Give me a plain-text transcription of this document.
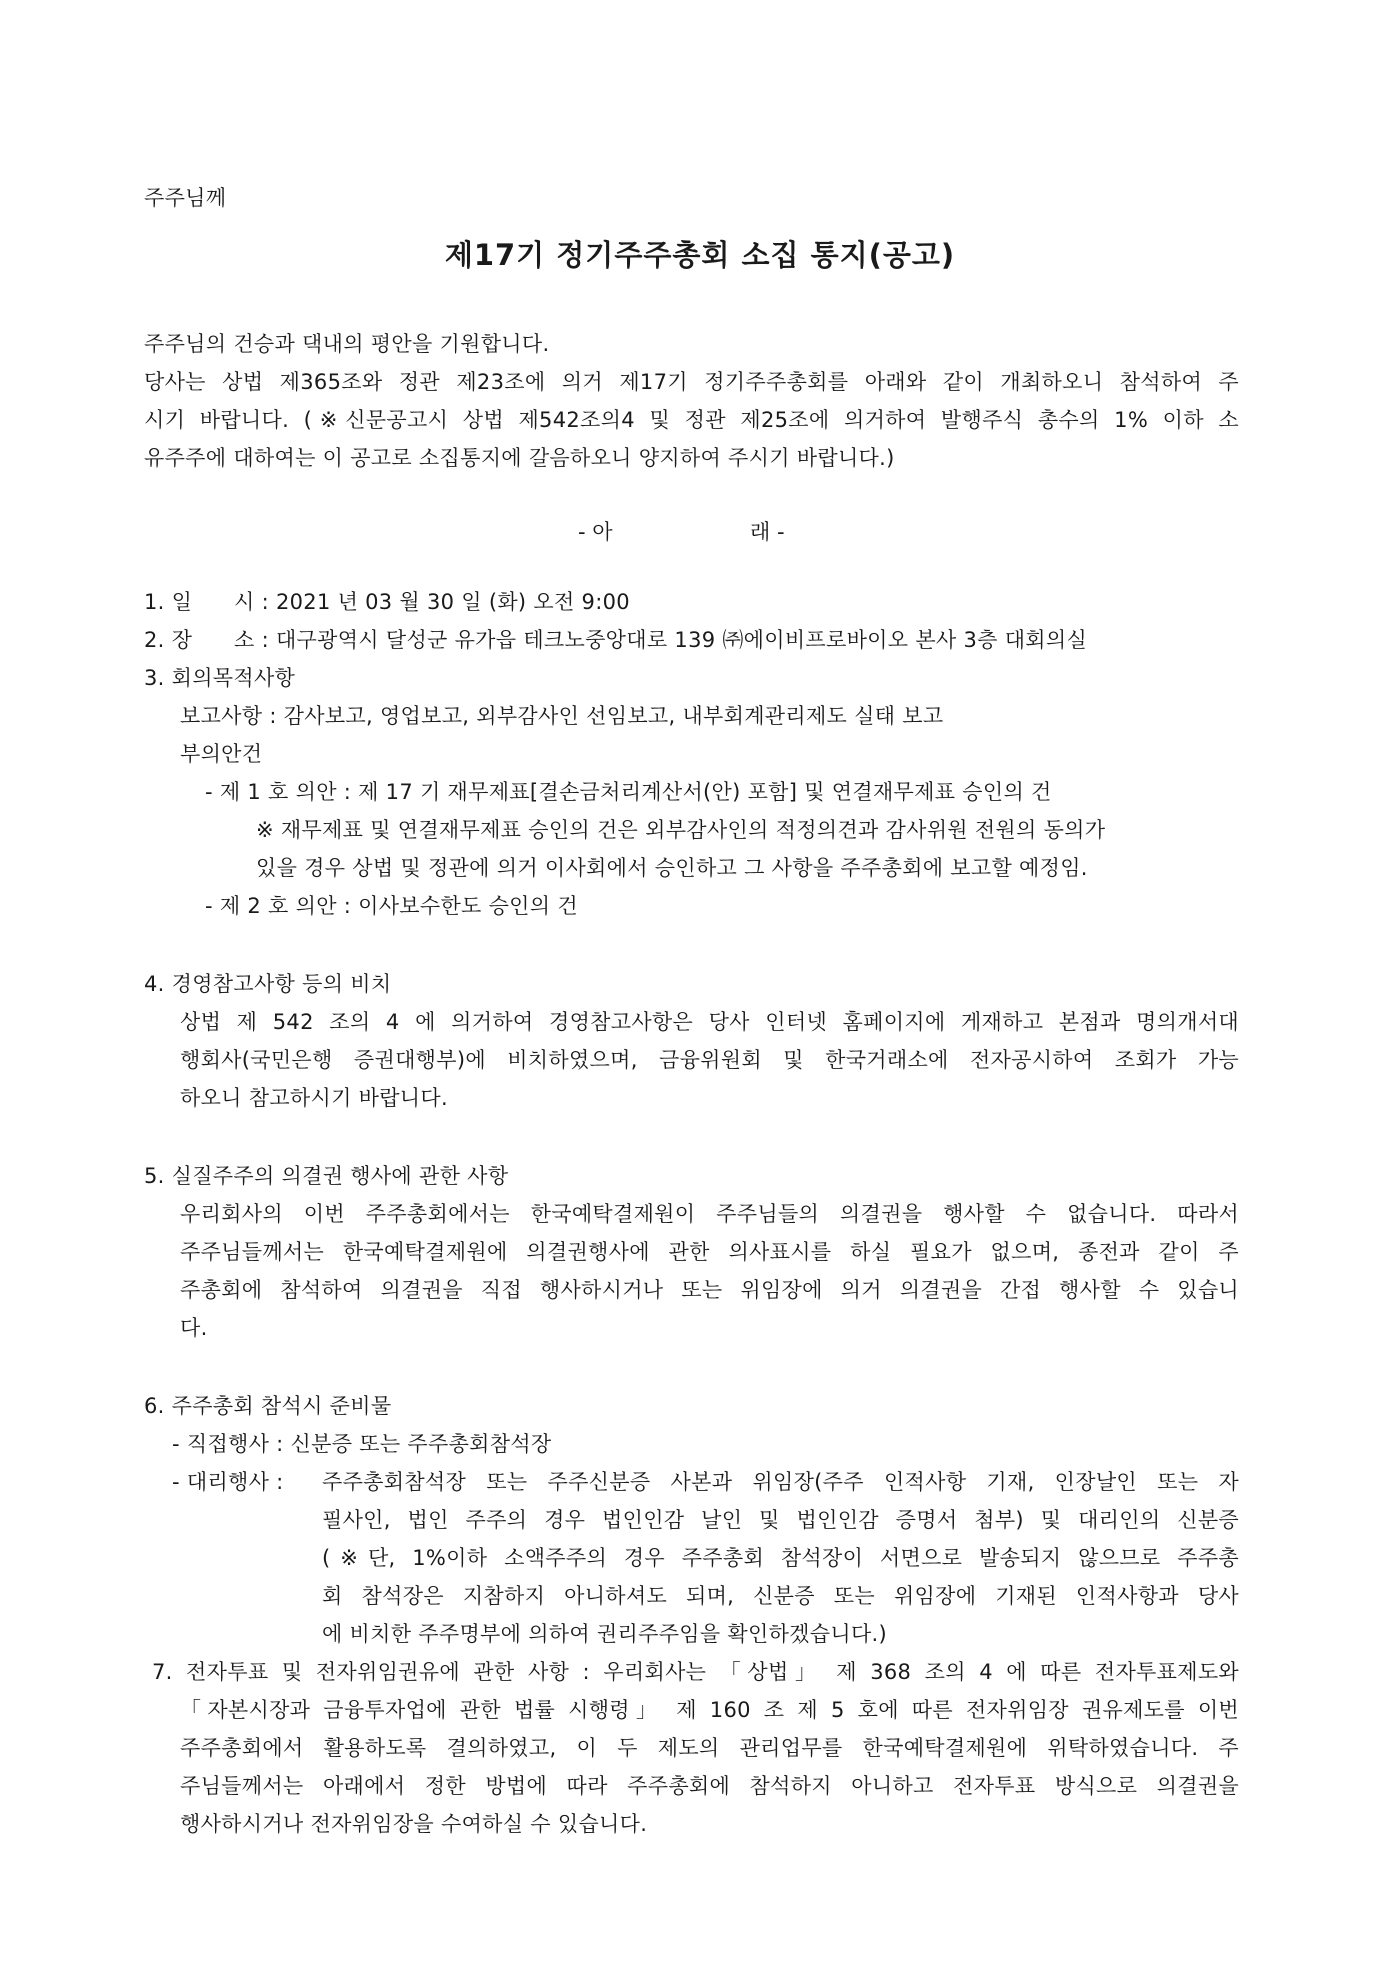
주주님께
제17기 정기주주총회 소집 통지(공고)
주주님의 건승과 댁내의 평안을 기원합니다.
당사는 상법 제365조와 정관 제23조에 의거 제17기 정기주주총회를 아래와 같이 개최하오니 참석하여 주
시기 바랍니다. (※신문공고시 상법 제542조의4 및 정관 제25조에 의거하여 발행주식 총수의 1% 이하 소
유주주에 대하여는 이 공고로 소집통지에 갈음하오니 양지하여 주시기 바랍니다.)
- 아	래 -
1. 일      시 : 2021 년 03 월 30 일 (화) 오전 9:00
2. 장      소 : 대구광역시 달성군 유가읍 테크노중앙대로 139 ㈜에이비프로바이오 본사 3층 대회의실
3. 회의목적사항
보고사항 : 감사보고, 영업보고, 외부감사인 선임보고, 내부회계관리제도 실태 보고
부의안건
- 제 1 호 의안 : 제 17 기 재무제표[결손금처리계산서(안) 포함] 및 연결재무제표 승인의 건
※ 재무제표 및 연결재무제표 승인의 건은 외부감사인의 적정의견과 감사위원 전원의 동의가
있을 경우 상법 및 정관에 의거 이사회에서 승인하고 그 사항을 주주총회에 보고할 예정임.
- 제 2 호 의안 : 이사보수한도 승인의 건
4. 경영참고사항 등의 비치
상법 제 542 조의 4 에 의거하여 경영참고사항은 당사 인터넷 홈페이지에 게재하고 본점과 명의개서대
행회사(국민은행 증권대행부)에 비치하였으며, 금융위원회 및 한국거래소에 전자공시하여 조회가 가능
하오니 참고하시기 바랍니다.
5. 실질주주의 의결권 행사에 관한 사항
우리회사의 이번 주주총회에서는 한국예탁결제원이 주주님들의 의결권을 행사할 수 없습니다. 따라서
주주님들께서는 한국예탁결제원에 의결권행사에 관한 의사표시를 하실 필요가 없으며, 종전과 같이 주
주총회에 참석하여 의결권을 직접 행사하시거나 또는 위임장에 의거 의결권을 간접 행사할 수 있습니
다.
6. 주주총회 참석시 준비물
- 직접행사 : 신분증 또는 주주총회참석장
- 대리행사 : 주주총회참석장 또는 주주신분증 사본과 위임장(주주 인적사항 기재, 인장날인 또는 자
필사인, 법인 주주의 경우 법인인감 날인 및 법인인감 증명서 첨부) 및 대리인의 신분증
(※단, 1%이하 소액주주의 경우 주주총회 참석장이 서면으로 발송되지 않으므로 주주총
회 참석장은 지참하지 아니하셔도 되며, 신분증 또는 위임장에 기재된 인적사항과 당사
에 비치한 주주명부에 의하여 권리주주임을 확인하겠습니다.)
7. 전자투표 및 전자위임권유에 관한 사항 : 우리회사는 「상법」 제 368 조의 4 에 따른 전자투표제도와
「자본시장과 금융투자업에 관한 법률 시행령」 제 160 조 제 5 호에 따른 전자위임장 권유제도를 이번
주주총회에서 활용하도록 결의하였고, 이 두 제도의 관리업무를 한국예탁결제원에 위탁하였습니다. 주
주님들께서는 아래에서 정한 방법에 따라 주주총회에 참석하지 아니하고 전자투표 방식으로 의결권을
행사하시거나 전자위임장을 수여하실 수 있습니다.
